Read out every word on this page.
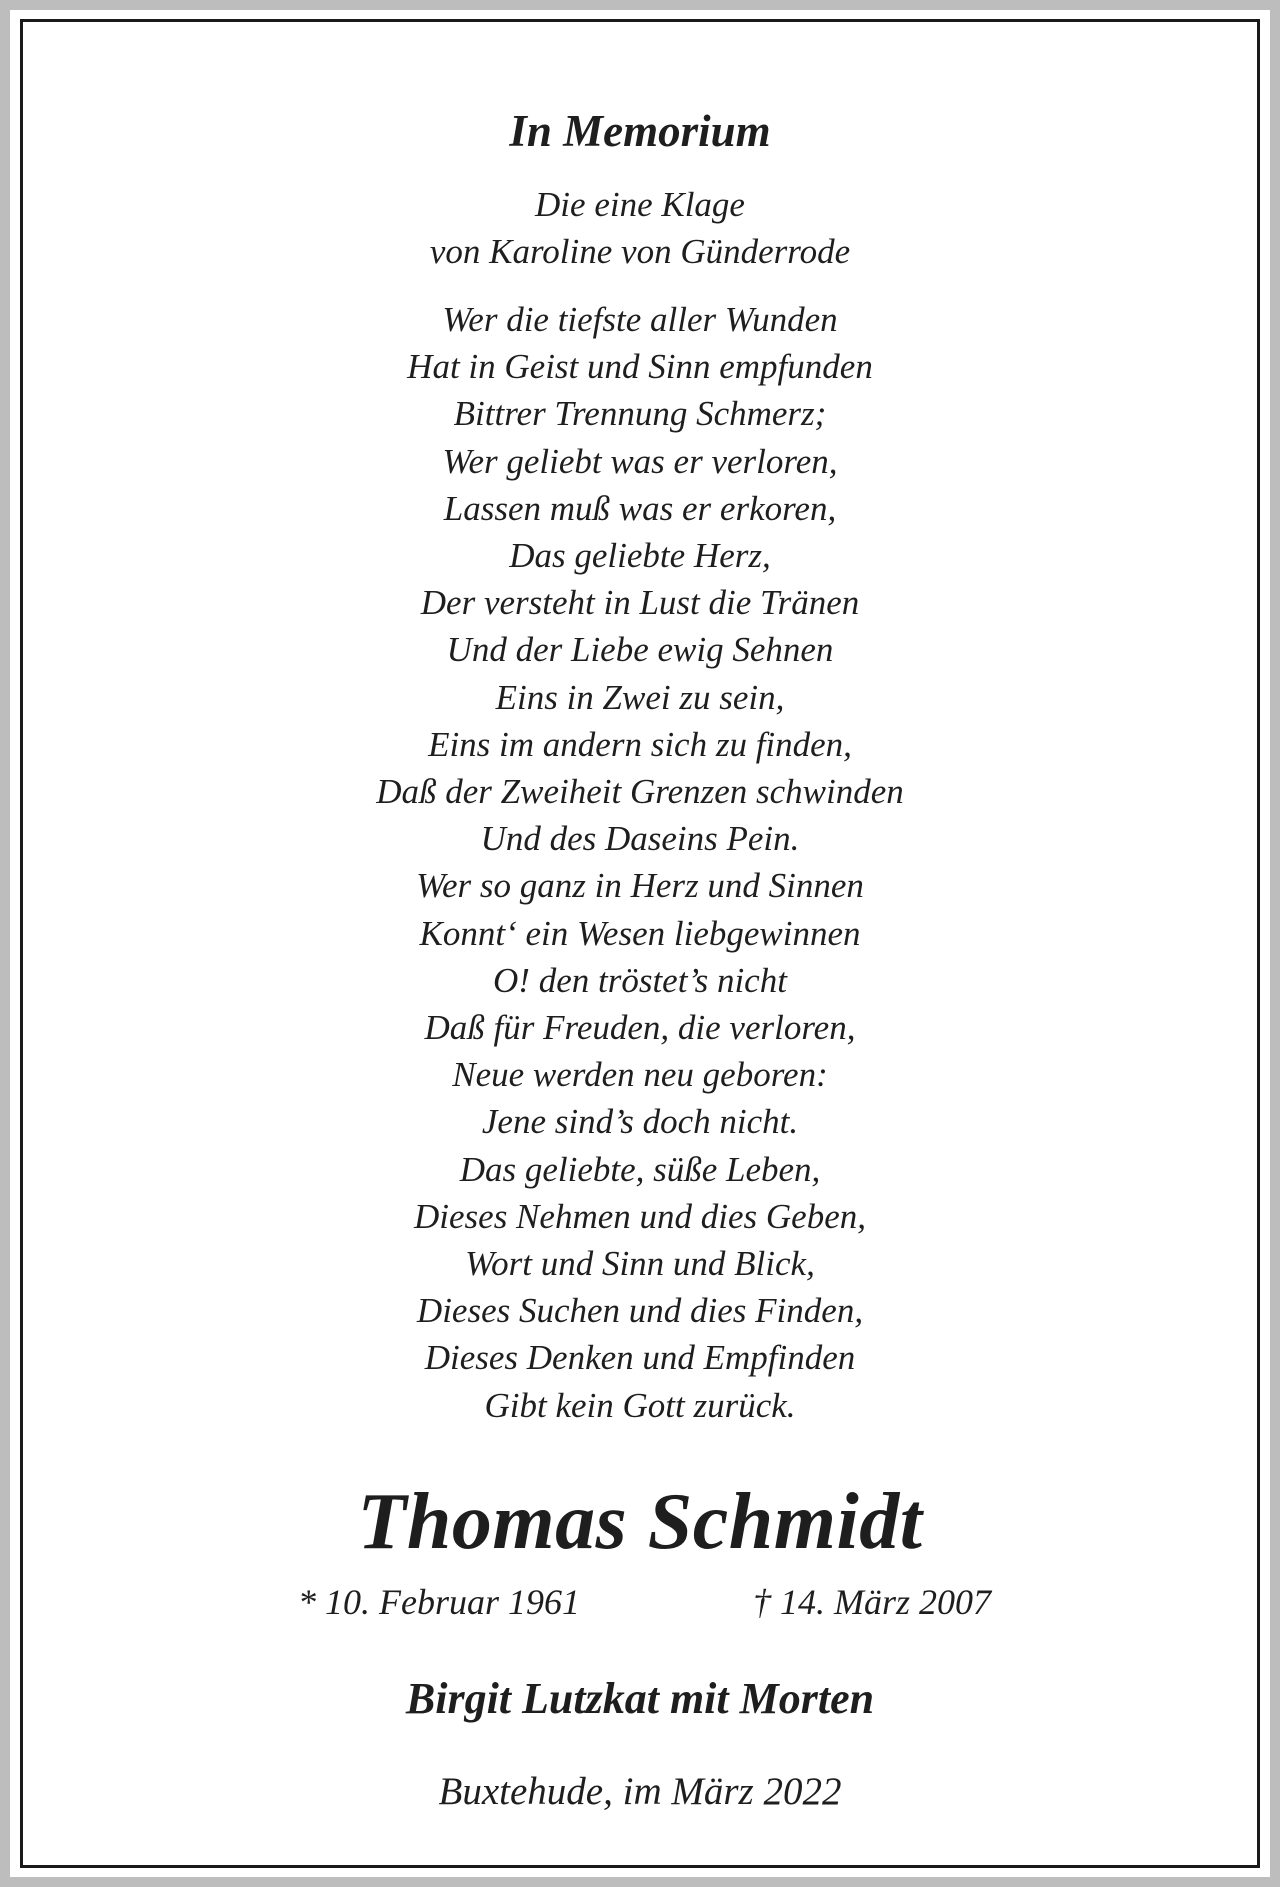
In Memorium
Die eine Klage
von Karoline von Günderrode
Wer die tiefste aller Wunden
Hat in Geist und Sinn empfunden
Bittrer Trennung Schmerz;
Wer geliebt was er verloren,
Lassen muß was er erkoren,
Das geliebte Herz,
Der versteht in Lust die Tränen
Und der Liebe ewig Sehnen
Eins in Zwei zu sein,
Eins im andern sich zu finden,
Daß der Zweiheit Grenzen schwinden
Und des Daseins Pein.
Wer so ganz in Herz und Sinnen
Konnt‘ ein Wesen liebgewinnen
O! den tröstet’s nicht
Daß für Freuden, die verloren,
Neue werden neu geboren:
Jene sind’s doch nicht.
Das geliebte, süße Leben,
Dieses Nehmen und dies Geben,
Wort und Sinn und Blick,
Dieses Suchen und dies Finden,
Dieses Denken und Empfinden
Gibt kein Gott zurück.
Thomas Schmidt
* 10. Februar 1961	† 14. März 2007
Birgit Lutzkat mit Morten
Buxtehude, im März 2022
